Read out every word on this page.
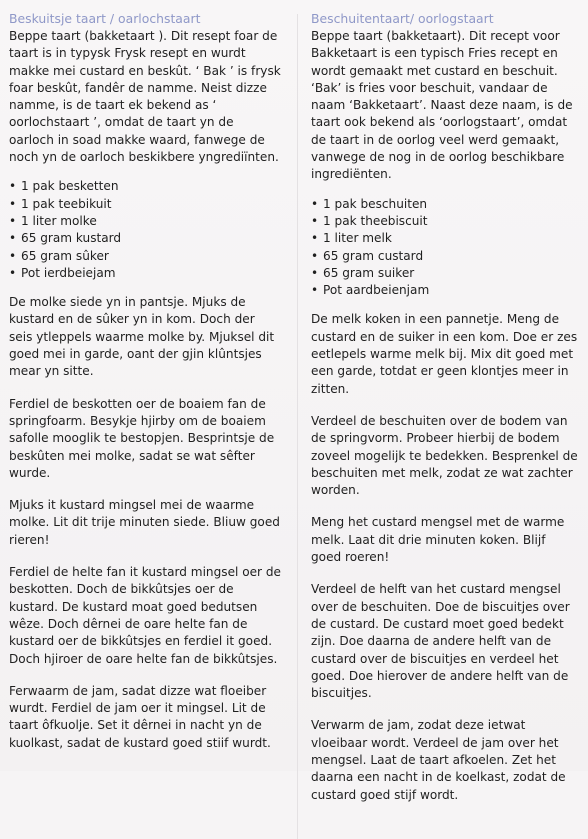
Beskuitsje taart / oarlochstaart

Beppe taart (bakketaart ). Dit resept foar de taart is in typysk Frysk resept en wurdt makke mei custard en beskût. ‘ Bak ’ is frysk foar beskût, fandêr de namme. Neist dizze namme, is de taart ek bekend as ‘ oorlochstaart ’, omdat de taart yn de oarloch in soad makke waard, fanwege de noch yn de oarloch beskikbere yngrediïnten.

• 1 pak besketten
• 1 pak teebikuit
• 1 liter molke
• 65 gram kustard
• 65 gram sûker
• Pot ierdbeiejam

De molke siede yn in pantsje. Mjuks de kustard en de sûker yn in kom. Doch der seis ytleppels waarme molke by. Mjuksel dit goed mei in garde, oant der gjin klûntsjes mear yn sitte.

Ferdiel de beskotten oer de boaiem fan de springfoarm. Besykje hjirby om de boaiem safolle mooglik te bestopjen. Besprintsje de beskûten mei molke, sadat se wat sêfter wurde.

Mjuks it kustard mingsel mei de waarme molke. Lit dit trije minuten siede. Bliuw goed rieren!

Ferdiel de helte fan it kustard mingsel oer de beskotten. Doch de bikkûtsjes oer de kustard. De kustard moat goed bedutsen wêze. Doch dêrnei de oare helte fan de kustard oer de bikkûtsjes en ferdiel it goed. Doch hjiroer de oare helte fan de bikkûtsjes.

Ferwaarm de jam, sadat dizze wat floeiber wurdt. Ferdiel de jam oer it mingsel. Lit de taart ôfkuolje. Set it dêrnei in nacht yn de kuolkast, sadat de kustard goed stiif wurdt.

Beschuitentaart/ oorlogstaart

Beppe taart (bakketaart). Dit recept voor Bakketaart is een typisch Fries recept en wordt gemaakt met custard en beschuit. ‘Bak’ is fries voor beschuit, vandaar de naam ‘Bakketaart’. Naast deze naam, is de taart ook bekend als ‘oorlogstaart’, omdat de taart in de oorlog veel werd gemaakt, vanwege de nog in de oorlog beschikbare ingrediënten.

• 1 pak beschuiten
• 1 pak theebiscuit
• 1 liter melk
• 65 gram custard
• 65 gram suiker
• Pot aardbeienjam

De melk koken in een pannetje. Meng de custard en de suiker in een kom. Doe er zes eetlepels warme melk bij. Mix dit goed met een garde, totdat er geen klontjes meer in zitten.

Verdeel de beschuiten over de bodem van de springvorm. Probeer hierbij de bodem zoveel mogelijk te bedekken. Besprenkel de beschuiten met melk, zodat ze wat zachter worden.

Meng het custard mengsel met de warme melk. Laat dit drie minuten koken. Blijf goed roeren!

Verdeel de helft van het custard mengsel over de beschuiten. Doe de biscuitjes over de custard. De custard moet goed bedekt zijn. Doe daarna de andere helft van de custard over de biscuitjes en verdeel het goed. Doe hierover de andere helft van de biscuitjes.

Verwarm de jam, zodat deze ietwat vloeibaar wordt. Verdeel de jam over het mengsel. Laat de taart afkoelen. Zet het daarna een nacht in de koelkast, zodat de custard goed stijf wordt.
